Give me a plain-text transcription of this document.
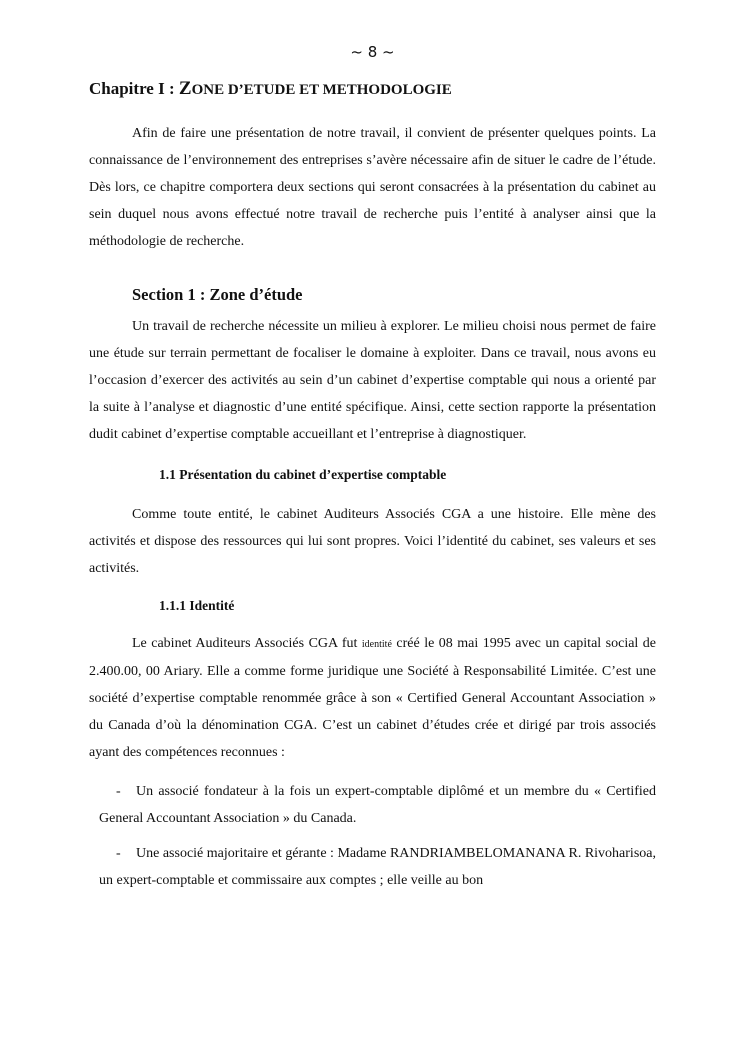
~ 8 ~
Chapitre I : ZONE D’ETUDE ET METHODOLOGIE

Afin de faire une présentation de notre travail, il convient de présenter quelques points. La connaissance de l’environnement des entreprises s’avère nécessaire afin de situer le cadre de l’étude. Dès lors, ce chapitre comportera deux sections qui seront consacrées à la présentation du cabinet au sein duquel nous avons effectué notre travail de recherche puis l’entité à analyser ainsi que la méthodologie de recherche.

Section 1 : Zone d’étude

Un travail de recherche nécessite un milieu à explorer. Le milieu choisi nous permet de faire une étude sur terrain permettant de focaliser le domaine à exploiter. Dans ce travail, nous avons eu l’occasion d’exercer des activités au sein d’un cabinet d’expertise comptable qui nous a orienté par la suite à l’analyse et diagnostic d’une entité spécifique. Ainsi, cette section rapporte la présentation dudit cabinet d’expertise comptable accueillant et l’entreprise à diagnostiquer.

1.1 Présentation du cabinet d’expertise comptable

Comme toute entité, le cabinet Auditeurs Associés CGA a une histoire. Elle mène des activités et dispose des ressources qui lui sont propres. Voici l’identité du cabinet, ses valeurs et ses activités.

1.1.1 Identité

Le cabinet Auditeurs Associés CGA fut identité créé le 08 mai 1995 avec un capital social de 2.400.00, 00 Ariary. Elle a comme forme juridique une Société à Responsabilité Limitée. C’est une société d’expertise comptable renommée grâce à son « Certified General Accountant Association » du Canada d’où la dénomination CGA. C’est un cabinet d’études crée et dirigé par trois associés ayant des compétences reconnues :

- Un associé fondateur à la fois un expert-comptable diplômé et un membre du « Certified General Accountant Association » du Canada.
- Une associé majoritaire et gérante : Madame RANDRIAMBELOMANANA R. Rivoharisoa, un expert-comptable et commissaire aux comptes ; elle veille au bon
